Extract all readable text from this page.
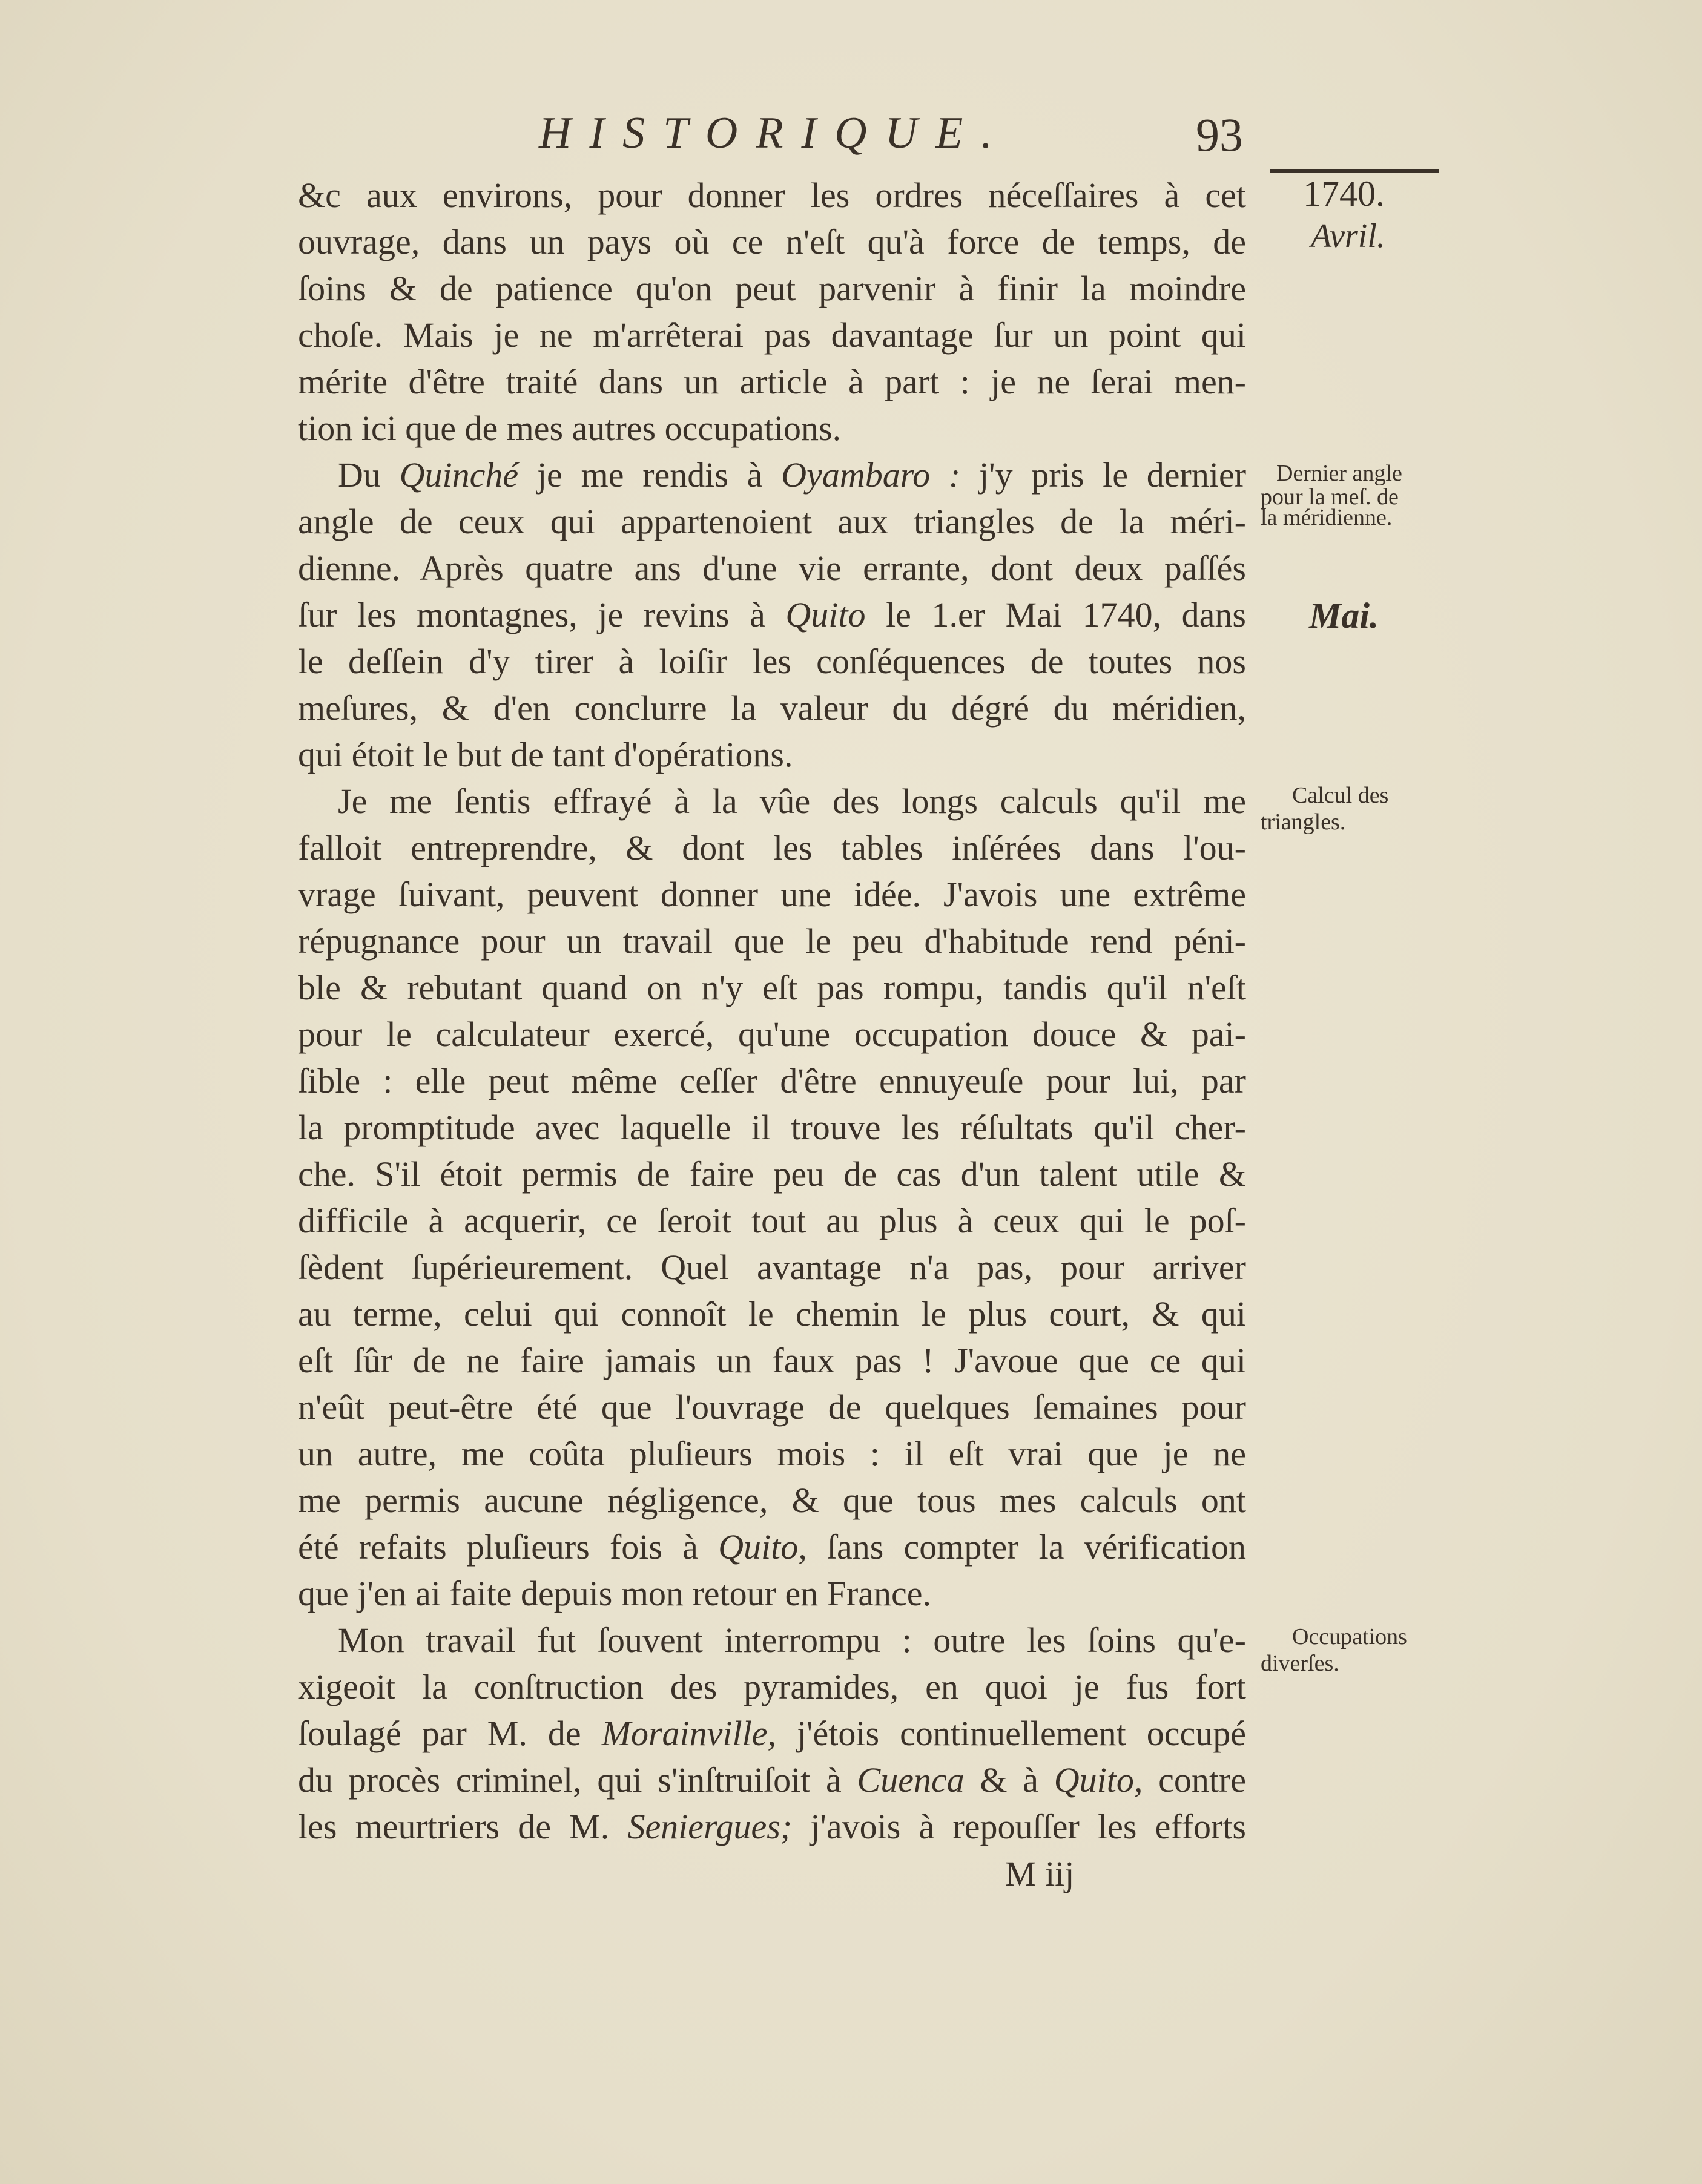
HISTORIQUE.	93
&c aux environs, pour donner les ordres néceſſaires à cet
ouvrage, dans un pays où ce n'eſt qu'à force de temps, de
ſoins & de patience qu'on peut parvenir à finir la moindre
choſe. Mais je ne m'arrêterai pas davantage ſur un point qui
mérite d'être traité dans un article à part : je ne ſerai men-
tion ici que de mes autres occupations.
Du Quinché je me rendis à Oyambaro : j'y pris le dernier
angle de ceux qui appartenoient aux triangles de la méri-
dienne. Après quatre ans d'une vie errante, dont deux paſſés
ſur les montagnes, je revins à Quito le 1.er Mai 1740, dans
le deſſein d'y tirer à loiſir les conſéquences de toutes nos
meſures, & d'en conclurre la valeur du dégré du méridien,
qui étoit le but de tant d'opérations.
Je me ſentis effrayé à la vûe des longs calculs qu'il me
falloit entreprendre, & dont les tables inſérées dans l'ou-
vrage ſuivant, peuvent donner une idée. J'avois une extrême
répugnance pour un travail que le peu d'habitude rend péni-
ble & rebutant quand on n'y eſt pas rompu, tandis qu'il n'eſt
pour le calculateur exercé, qu'une occupation douce & pai-
ſible : elle peut même ceſſer d'être ennuyeuſe pour lui, par
la promptitude avec laquelle il trouve les réſultats qu'il cher-
che. S'il étoit permis de faire peu de cas d'un talent utile &
difficile à acquerir, ce ſeroit tout au plus à ceux qui le poſ-
ſèdent ſupérieurement. Quel avantage n'a pas, pour arriver
au terme, celui qui connoît le chemin le plus court, & qui
eſt ſûr de ne faire jamais un faux pas ! J'avoue que ce qui
n'eût peut-être été que l'ouvrage de quelques ſemaines pour
un autre, me coûta pluſieurs mois : il eſt vrai que je ne
me permis aucune négligence, & que tous mes calculs ont
été refaits pluſieurs fois à Quito, ſans compter la vérification
que j'en ai faite depuis mon retour en France.
Mon travail fut ſouvent interrompu : outre les ſoins qu'e-
xigeoit la conſtruction des pyramides, en quoi je fus fort
ſoulagé par M. de Morainville, j'étois continuellement occupé
du procès criminel, qui s'inſtruiſoit à Cuenca & à Quito, contre
les meurtriers de M. Seniergues; j'avois à repouſſer les efforts
1740.
Avril.
Dernier angle
pour la meſ. de
la méridienne.
Mai.
Calcul des
triangles.
Occupations
diverſes.
M iij
